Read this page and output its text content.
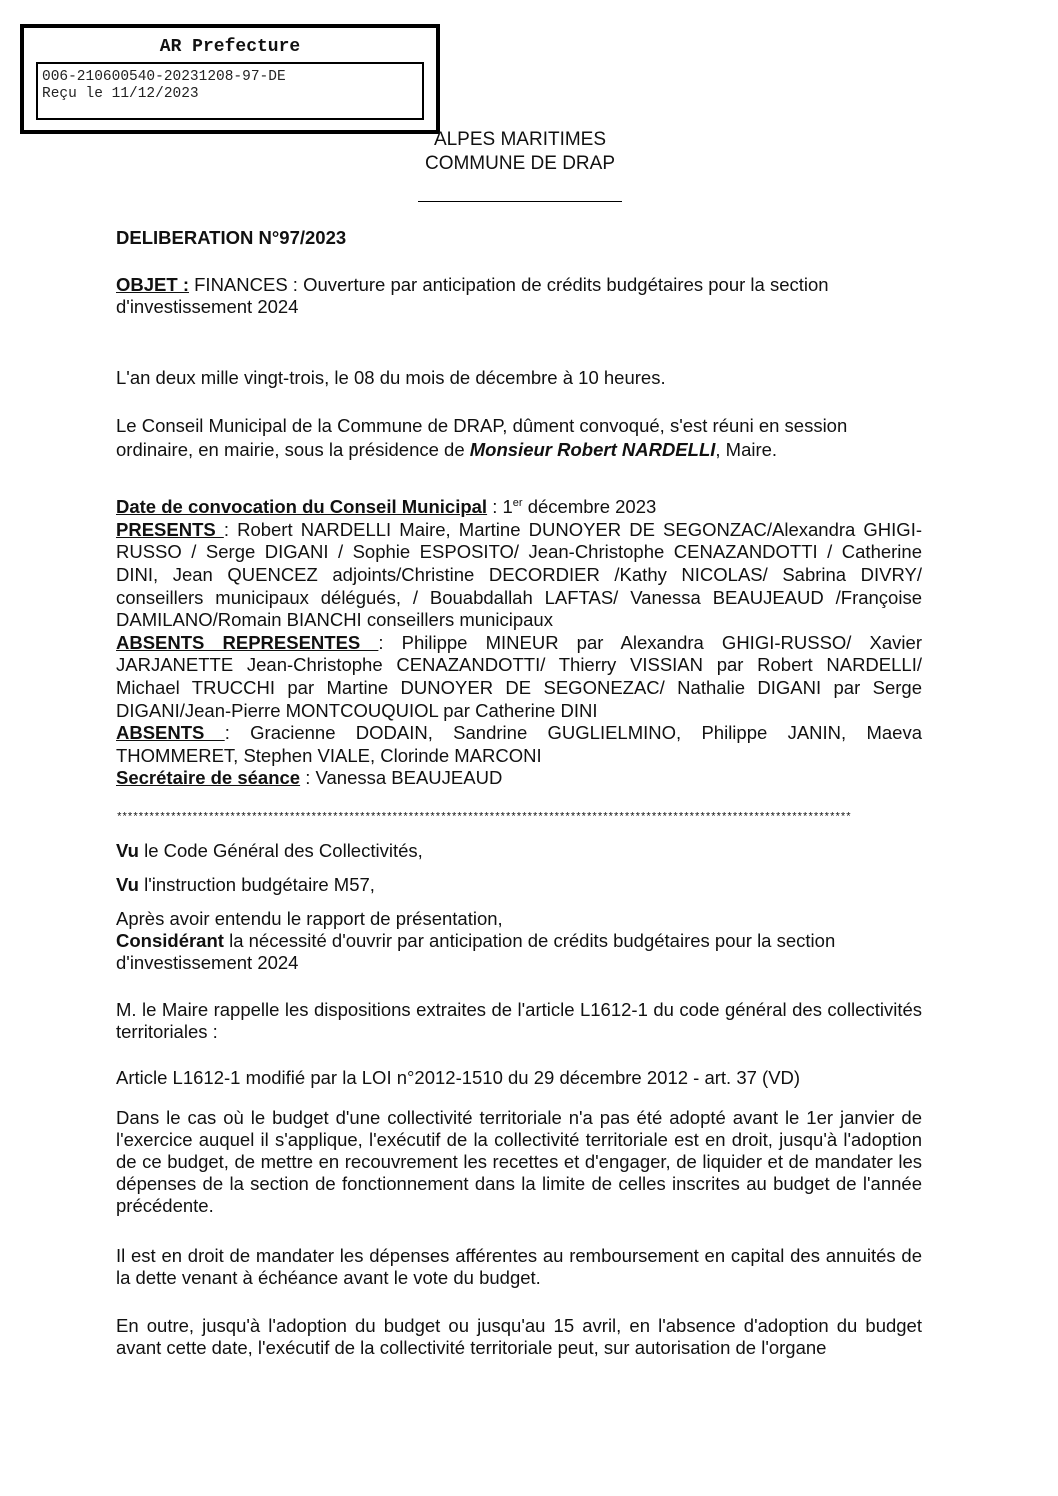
AR Prefecture
006-210600540-20231208-97-DE
Reçu le 11/12/2023
ALPES MARITIMES
COMMUNE DE DRAP
DELIBERATION N°97/2023
OBJET : FINANCES : Ouverture par anticipation de crédits budgétaires pour la section
d'investissement 2024
L'an deux mille vingt-trois, le 08 du mois de décembre à 10 heures.
Le Conseil Municipal de la Commune de DRAP, dûment convoqué, s'est réuni en session
ordinaire, en mairie, sous la présidence de Monsieur Robert NARDELLI, Maire.
Date de convocation du Conseil Municipal : 1er décembre 2023
PRESENTS : Robert NARDELLI Maire, Martine DUNOYER DE SEGONZAC/Alexandra GHIGI-RUSSO / Serge DIGANI / Sophie ESPOSITO/ Jean-Christophe CENAZANDOTTI / Catherine DINI, Jean QUENCEZ adjoints/Christine DECORDIER /Kathy NICOLAS/ Sabrina DIVRY/ conseillers municipaux délégués, / Bouabdallah LAFTAS/ Vanessa BEAUJEAUD /Françoise DAMILANO/Romain BIANCHI conseillers municipaux
ABSENTS REPRESENTES : Philippe MINEUR par Alexandra GHIGI-RUSSO/ Xavier JARJANETTE Jean-Christophe CENAZANDOTTI/ Thierry VISSIAN par Robert NARDELLI/ Michael TRUCCHI par Martine DUNOYER DE SEGONEZAC/ Nathalie DIGANI par Serge DIGANI/Jean-Pierre MONTCOUQUIOL par Catherine DINI
ABSENTS : Gracienne DODAIN, Sandrine GUGLIELMINO, Philippe JANIN, Maeva THOMMERET, Stephen VIALE, Clorinde MARCONI
Secrétaire de séance : Vanessa BEAUJEAUD
****************************************************************************************************************************************
Vu le Code Général des Collectivités,
Vu l'instruction budgétaire M57,
Après avoir entendu le rapport de présentation,
Considérant la nécessité d'ouvrir par anticipation de crédits budgétaires pour la section d'investissement 2024
M. le Maire rappelle les dispositions extraites de l'article L1612-1 du code général des collectivités territoriales :
Article L1612-1 modifié par la LOI n°2012-1510 du 29 décembre 2012 - art. 37 (VD)
Dans le cas où le budget d'une collectivité territoriale n'a pas été adopté avant le 1er janvier de l'exercice auquel il s'applique, l'exécutif de la collectivité territoriale est en droit, jusqu'à l'adoption de ce budget, de mettre en recouvrement les recettes et d'engager, de liquider et de mandater les dépenses de la section de fonctionnement dans la limite de celles inscrites au budget de l'année précédente.
Il est en droit de mandater les dépenses afférentes au remboursement en capital des annuités de la dette venant à échéance avant le vote du budget.
En outre, jusqu'à l'adoption du budget ou jusqu'au 15 avril, en l'absence d'adoption du budget avant cette date, l'exécutif de la collectivité territoriale peut, sur autorisation de l'organe
